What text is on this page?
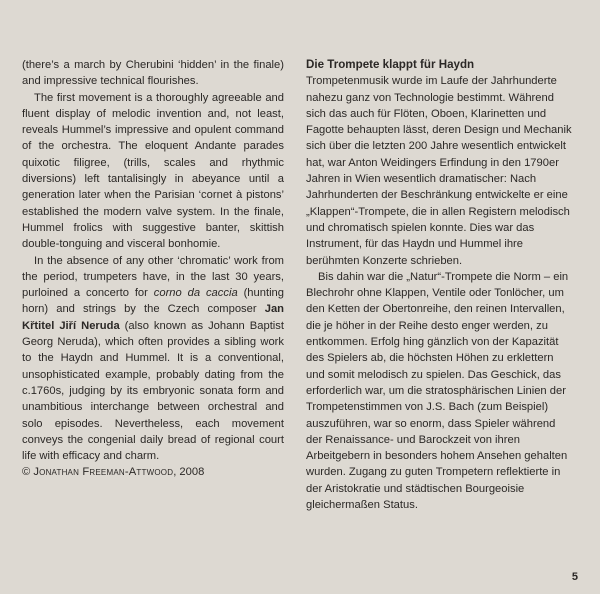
(there’s a march by Cherubini ‘hidden’ in the finale) and impressive technical flourishes.

The first movement is a thoroughly agreeable and fluent display of melodic invention and, not least, reveals Hummel’s impressive and opulent command of the orchestra. The eloquent Andante parades quixotic filigree, (trills, scales and rhythmic diversions) left tantalisingly in abeyance until a generation later when the Parisian ‘cornet à pistons’ established the modern valve system. In the finale, Hummel frolics with suggestive banter, skittish double-tonguing and visceral bonhomie.

In the absence of any other ‘chromatic’ work from the period, trumpeters have, in the last 30 years, purloined a concerto for corno da caccia (hunting horn) and strings by the Czech composer Jan Křtitel Jiří Neruda (also known as Johann Baptist Georg Neruda), which often provides a sibling work to the Haydn and Hummel. It is a conventional, unsophisticated example, probably dating from the c.1760s, judging by its embryonic sonata form and unambitious interchange between orchestral and solo episodes. Nevertheless, each movement conveys the congenial daily bread of regional court life with efficacy and charm.

© Jonathan Freeman-Attwood, 2008

Die Trompete klappt für Haydn

Trompetenmusik wurde im Laufe der Jahrhunderte nahezu ganz von Technologie bestimmt. Während sich das auch für Flöten, Oboen, Klarinetten und Fagotte behaupten lässt, deren Design und Mechanik sich über die letzten 200 Jahre wesentlich entwickelt hat, war Anton Weidingers Erfindung in den 1790er Jahren in Wien wesentlich dramatischer: Nach Jahrhunderten der Beschränkung entwickelte er eine „Klappen“-Trompete, die in allen Registern melodisch und chromatisch spielen konnte. Dies war das Instrument, für das Haydn und Hummel ihre berühmten Konzerte schrieben.

Bis dahin war die „Natur“-Trompete die Norm – ein Blechrohr ohne Klappen, Ventile oder Tonlöcher, um den Ketten der Obertonreihe, den reinen Intervallen, die je höher in der Reihe desto enger werden, zu entkommen. Erfolg hing gänzlich von der Kapazität des Spielers ab, die höchsten Höhen zu erklettern und somit melodisch zu spielen. Das Geschick, das erforderlich war, um die stratosphärischen Linien der Trompetenstimmen von J.S. Bach (zum Beispiel) auszuführen, war so enorm, dass Spieler während der Renaissance- und Barockzeit von ihren Arbeitgebern in besonders hohem Ansehen gehalten wurden. Zugang zu guten Trompetern reflektierte in der Aristokratie und städtischen Bourgeoisie gleichermaßen Status.

5
